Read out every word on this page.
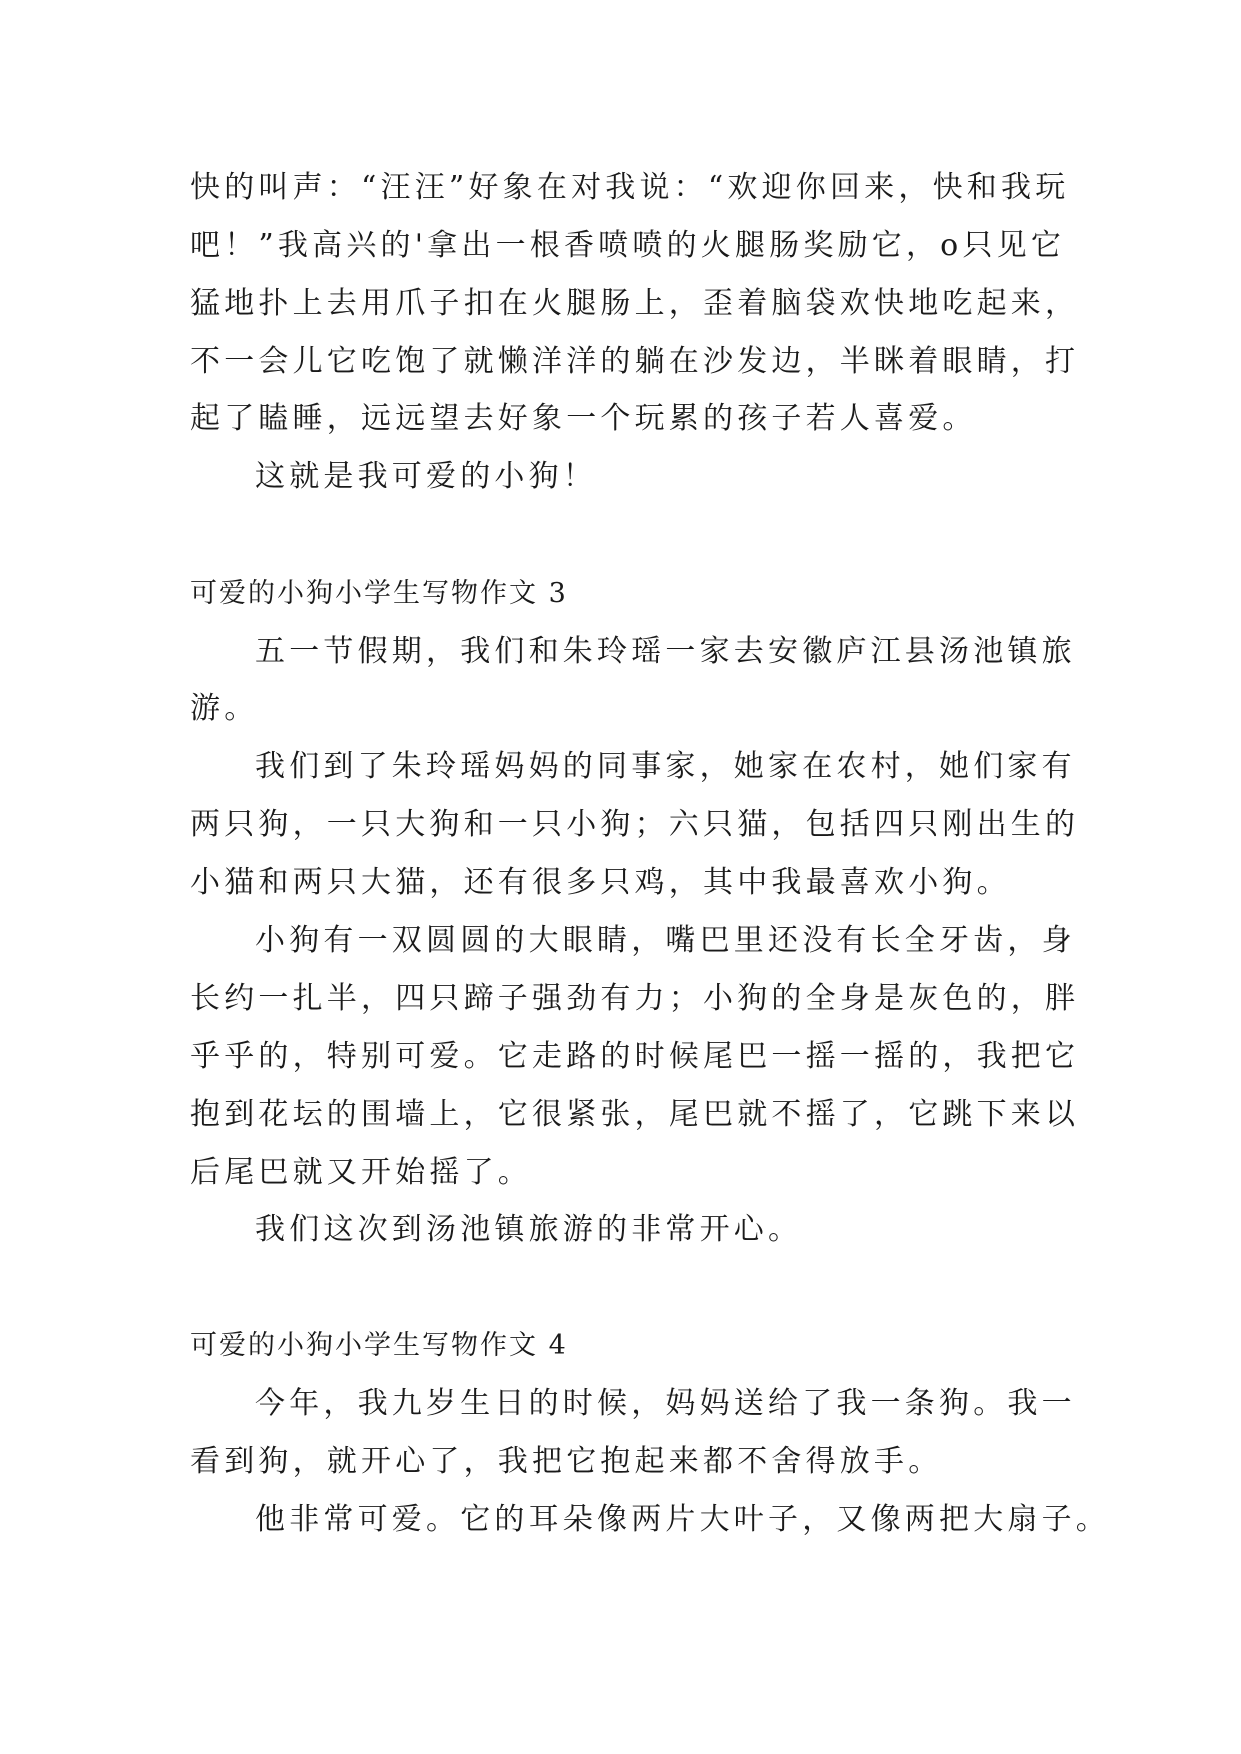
快的叫声：“汪汪”好象在对我说：“欢迎你回来，快和我玩
吧！”我高兴的'拿出一根香喷喷的火腿肠奖励它，o只见它
猛地扑上去用爪子扣在火腿肠上，歪着脑袋欢快地吃起来，
不一会儿它吃饱了就懒洋洋的躺在沙发边，半眯着眼睛，打
起了瞌睡，远远望去好象一个玩累的孩子若人喜爱。
这就是我可爱的小狗！
可爱的小狗小学生写物作文 3
五一节假期，我们和朱玲瑶一家去安徽庐江县汤池镇旅
游。
我们到了朱玲瑶妈妈的同事家，她家在农村，她们家有
两只狗，一只大狗和一只小狗；六只猫，包括四只刚出生的
小猫和两只大猫，还有很多只鸡，其中我最喜欢小狗。
小狗有一双圆圆的大眼睛，嘴巴里还没有长全牙齿，身
长约一扎半，四只蹄子强劲有力；小狗的全身是灰色的，胖
乎乎的，特别可爱。它走路的时候尾巴一摇一摇的，我把它
抱到花坛的围墙上，它很紧张，尾巴就不摇了，它跳下来以
后尾巴就又开始摇了。
我们这次到汤池镇旅游的非常开心。
可爱的小狗小学生写物作文 4
今年，我九岁生日的时候，妈妈送给了我一条狗。我一
看到狗，就开心了，我把它抱起来都不舍得放手。
他非常可爱。它的耳朵像两片大叶子，又像两把大扇子。
